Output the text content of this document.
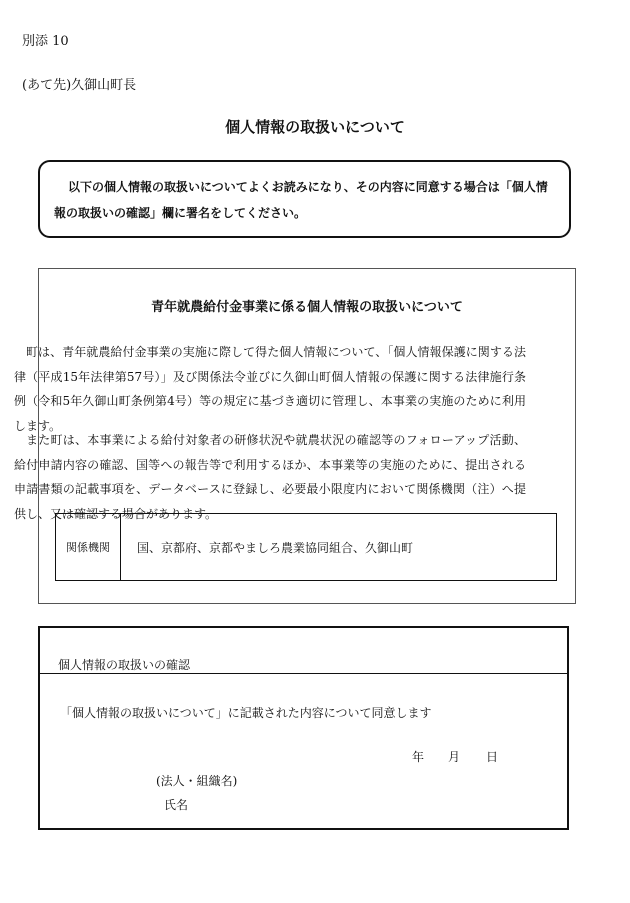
別添 10
(あて先)久御山町長
個人情報の取扱いについて
以下の個人情報の取扱いについてよくお読みになり、その内容に同意する場合は「個人情報の取扱いの確認」欄に署名をしてください。
青年就農給付金事業に係る個人情報の取扱いについて

町は、青年就農給付金事業の実施に際して得た個人情報について、「個人情報保護に関する法律（平成15年法律第57号）」及び関係法令並びに久御山町個人情報の保護に関する法律施行条例（令和5年久御山町条例第4号）等の規定に基づき適切に管理し、本事業の実施のために利用します。

また町は、本事業による給付対象者の研修状況や就農状況の確認等のフォローアップ活動、給付申請内容の確認、国等への報告等で利用するほか、本事業等の実施のために、提出される申請書類の記載事項を、データベースに登録し、必要最小限度内において関係機関（注）へ提供し、又は確認する場合があります。

関係機関	国、京都府、京都やましろ農業協同組合、久御山町
個人情報の取扱いの確認
「個人情報の取扱いについて」に記載された内容について同意します
年 月 日
(法人・組織名)
氏名
